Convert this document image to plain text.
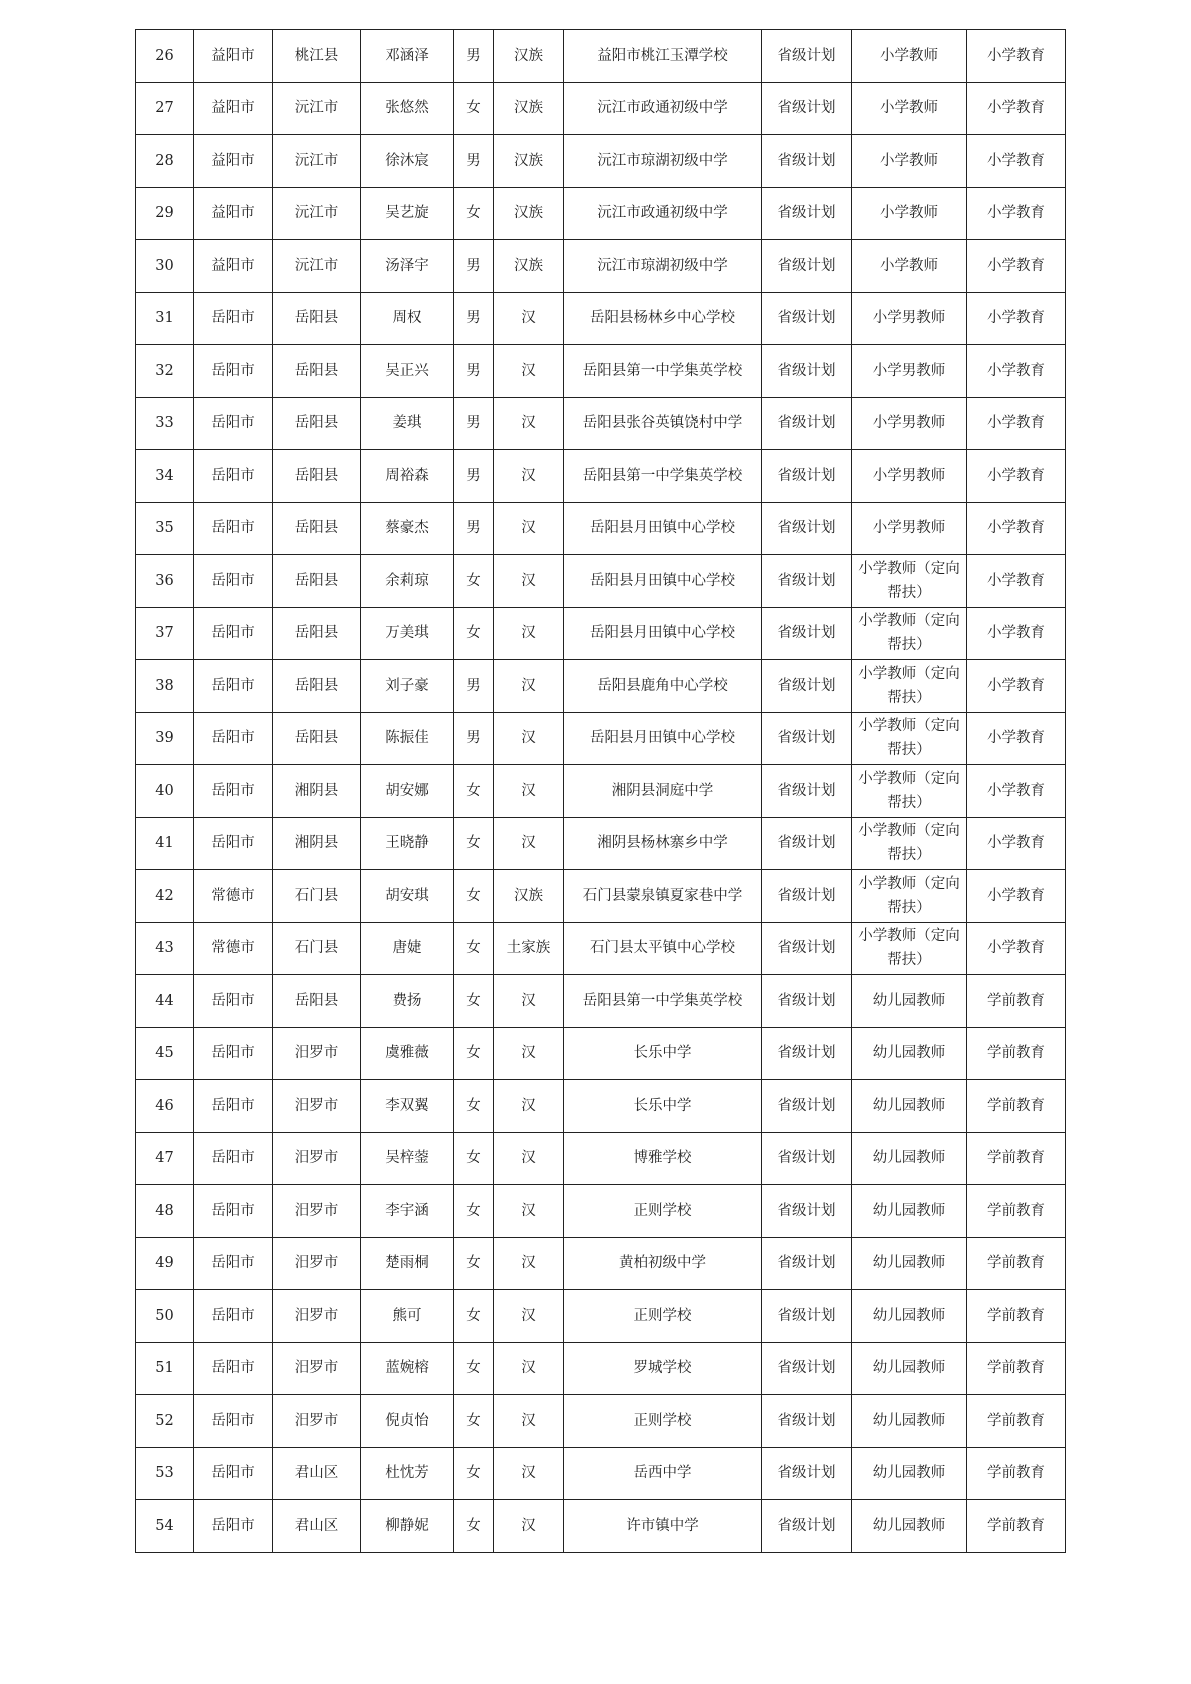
26	益阳市	桃江县	邓涵泽	男	汉族	益阳市桃江玉潭学校	省级计划	小学教师	小学教育
27	益阳市	沅江市	张悠然	女	汉族	沅江市政通初级中学	省级计划	小学教师	小学教育
28	益阳市	沅江市	徐沐宸	男	汉族	沅江市琼湖初级中学	省级计划	小学教师	小学教育
29	益阳市	沅江市	吴艺旋	女	汉族	沅江市政通初级中学	省级计划	小学教师	小学教育
30	益阳市	沅江市	汤泽宇	男	汉族	沅江市琼湖初级中学	省级计划	小学教师	小学教育
31	岳阳市	岳阳县	周权	男	汉	岳阳县杨林乡中心学校	省级计划	小学男教师	小学教育
32	岳阳市	岳阳县	吴正兴	男	汉	岳阳县第一中学集英学校	省级计划	小学男教师	小学教育
33	岳阳市	岳阳县	姜琪	男	汉	岳阳县张谷英镇饶村中学	省级计划	小学男教师	小学教育
34	岳阳市	岳阳县	周裕森	男	汉	岳阳县第一中学集英学校	省级计划	小学男教师	小学教育
35	岳阳市	岳阳县	蔡豪杰	男	汉	岳阳县月田镇中心学校	省级计划	小学男教师	小学教育
36	岳阳市	岳阳县	余莉琼	女	汉	岳阳县月田镇中心学校	省级计划	小学教师（定向帮扶）	小学教育
37	岳阳市	岳阳县	万美琪	女	汉	岳阳县月田镇中心学校	省级计划	小学教师（定向帮扶）	小学教育
38	岳阳市	岳阳县	刘子豪	男	汉	岳阳县鹿角中心学校	省级计划	小学教师（定向帮扶）	小学教育
39	岳阳市	岳阳县	陈振佳	男	汉	岳阳县月田镇中心学校	省级计划	小学教师（定向帮扶）	小学教育
40	岳阳市	湘阴县	胡安娜	女	汉	湘阴县洞庭中学	省级计划	小学教师（定向帮扶）	小学教育
41	岳阳市	湘阴县	王晓静	女	汉	湘阴县杨林寨乡中学	省级计划	小学教师（定向帮扶）	小学教育
42	常德市	石门县	胡安琪	女	汉族	石门县蒙泉镇夏家巷中学	省级计划	小学教师（定向帮扶）	小学教育
43	常德市	石门县	唐婕	女	土家族	石门县太平镇中心学校	省级计划	小学教师（定向帮扶）	小学教育
44	岳阳市	岳阳县	费扬	女	汉	岳阳县第一中学集英学校	省级计划	幼儿园教师	学前教育
45	岳阳市	汨罗市	虞雅薇	女	汉	长乐中学	省级计划	幼儿园教师	学前教育
46	岳阳市	汨罗市	李双翼	女	汉	长乐中学	省级计划	幼儿园教师	学前教育
47	岳阳市	汨罗市	吴梓蓥	女	汉	博雅学校	省级计划	幼儿园教师	学前教育
48	岳阳市	汨罗市	李宇涵	女	汉	正则学校	省级计划	幼儿园教师	学前教育
49	岳阳市	汨罗市	楚雨桐	女	汉	黄柏初级中学	省级计划	幼儿园教师	学前教育
50	岳阳市	汨罗市	熊可	女	汉	正则学校	省级计划	幼儿园教师	学前教育
51	岳阳市	汨罗市	蓝婉榕	女	汉	罗城学校	省级计划	幼儿园教师	学前教育
52	岳阳市	汨罗市	倪贞怡	女	汉	正则学校	省级计划	幼儿园教师	学前教育
53	岳阳市	君山区	杜忱芳	女	汉	岳西中学	省级计划	幼儿园教师	学前教育
54	岳阳市	君山区	柳静妮	女	汉	许市镇中学	省级计划	幼儿园教师	学前教育
